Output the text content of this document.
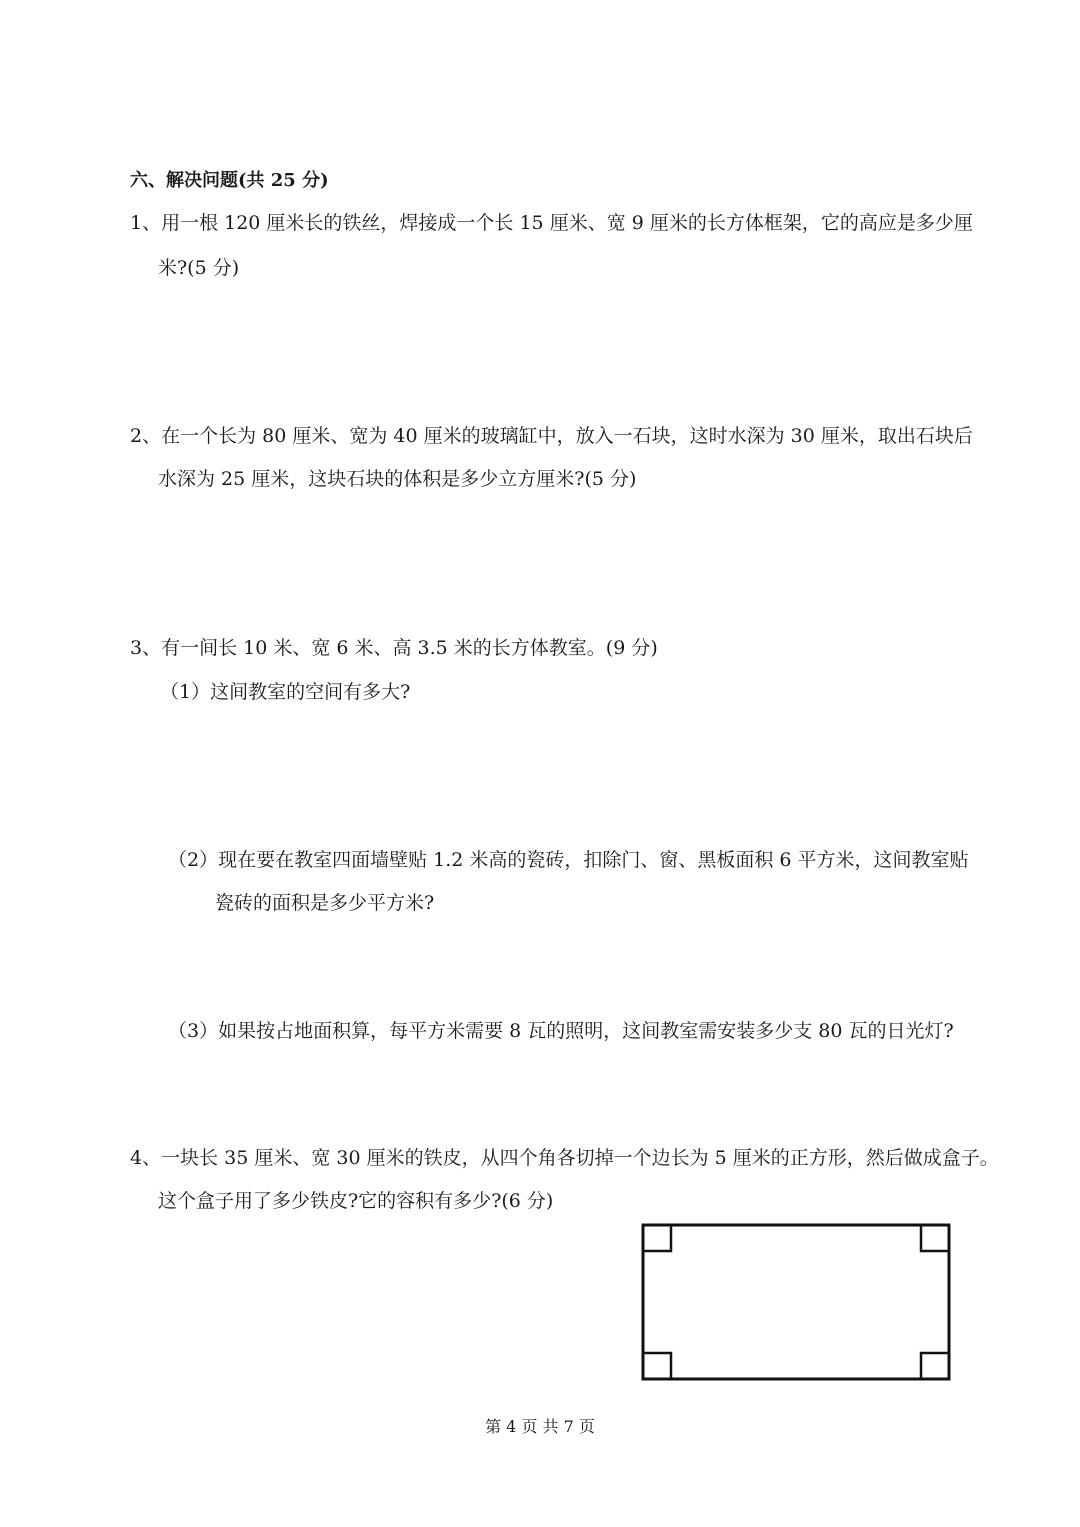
六、解决问题(共 25 分)
1、用一根 120 厘米长的铁丝，焊接成一个长 15 厘米、宽 9 厘米的长方体框架，它的高应是多少厘
米?(5 分)
2、在一个长为 80 厘米、宽为 40 厘米的玻璃缸中，放入一石块，这时水深为 30 厘米，取出石块后
水深为 25 厘米，这块石块的体积是多少立方厘米?(5 分)
3、有一间长 10 米、宽 6 米、高 3.5 米的长方体教室。(9 分)
（1）这间教室的空间有多大?
（2）现在要在教室四面墙壁贴 1.2 米高的瓷砖，扣除门、窗、黑板面积 6 平方米，这间教室贴
瓷砖的面积是多少平方米?
（3）如果按占地面积算，每平方米需要 8 瓦的照明，这间教室需安装多少支 80 瓦的日光灯?
4、一块长 35 厘米、宽 30 厘米的铁皮，从四个角各切掉一个边长为 5 厘米的正方形，然后做成盒子。
这个盒子用了多少铁皮?它的容积有多少?(6 分)
第 4 页 共 7 页
